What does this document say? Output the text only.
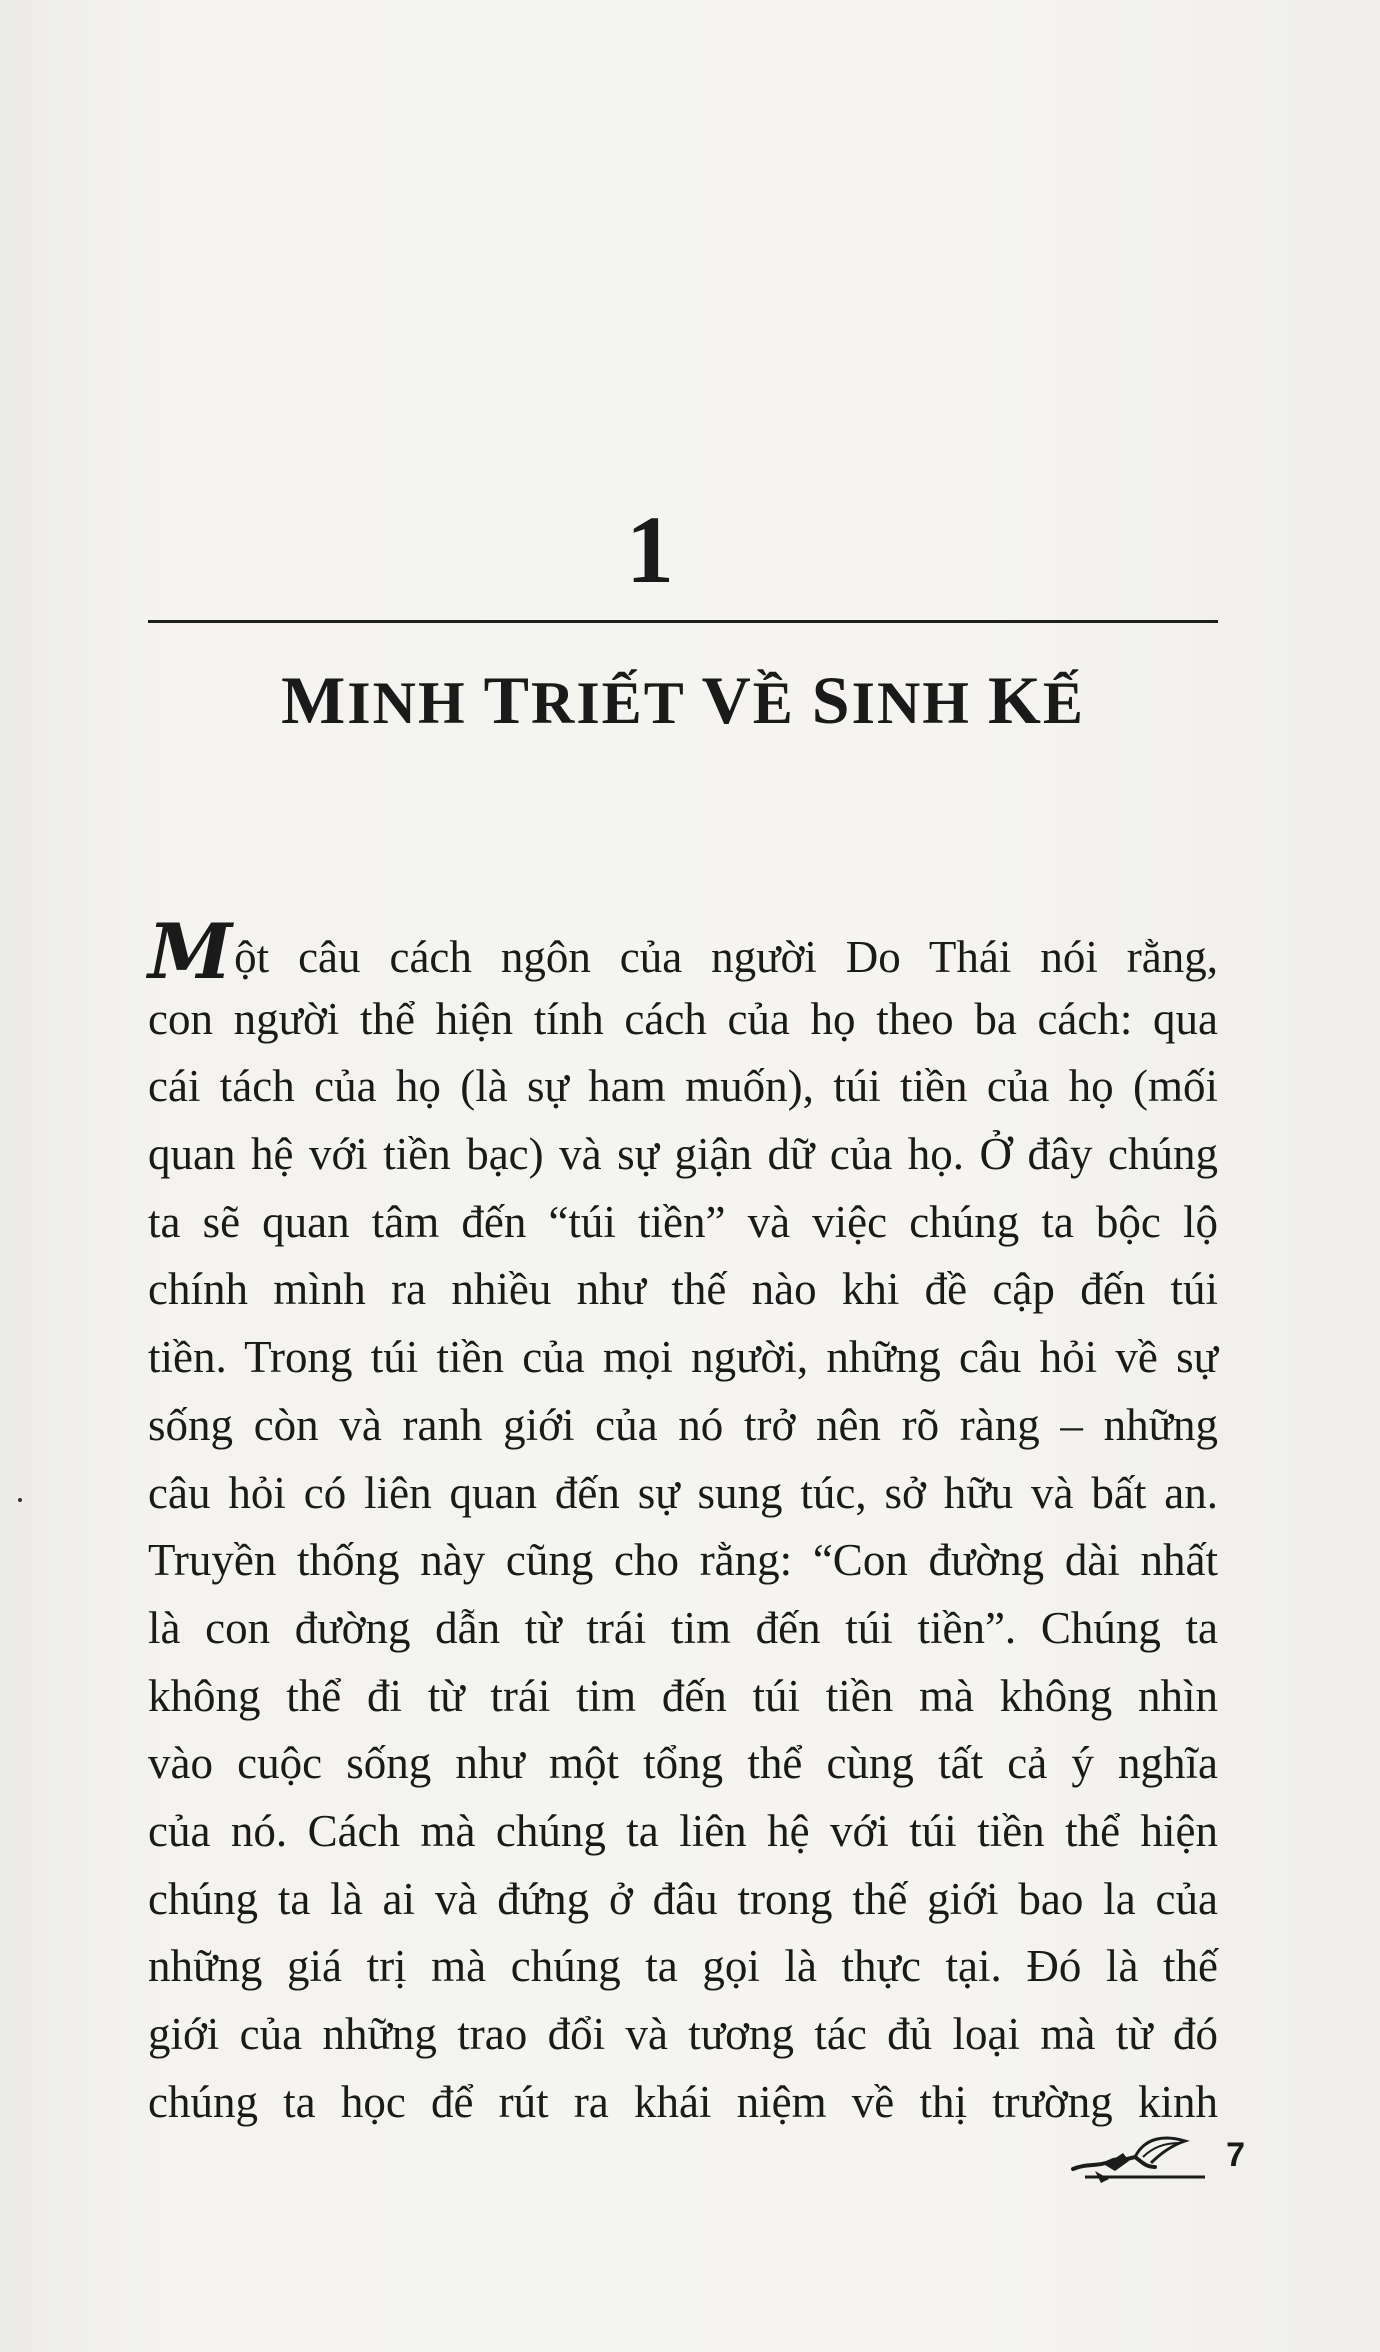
1
MINH TRIẾT VỀ SINH KẾ
Một câu cách ngôn của người Do Thái nói rằng,
con người thể hiện tính cách của họ theo ba cách: qua
cái tách của họ (là sự ham muốn), túi tiền của họ (mối
quan hệ với tiền bạc) và sự giận dữ của họ. Ở đây chúng
ta sẽ quan tâm đến “túi tiền” và việc chúng ta bộc lộ
chính mình ra nhiều như thế nào khi đề cập đến túi
tiền. Trong túi tiền của mọi người, những câu hỏi về sự
sống còn và ranh giới của nó trở nên rõ ràng – những
câu hỏi có liên quan đến sự sung túc, sở hữu và bất an.
Truyền thống này cũng cho rằng: “Con đường dài nhất
là con đường dẫn từ trái tim đến túi tiền”. Chúng ta
không thể đi từ trái tim đến túi tiền mà không nhìn
vào cuộc sống như một tổng thể cùng tất cả ý nghĩa
của nó. Cách mà chúng ta liên hệ với túi tiền thể hiện
chúng ta là ai và đứng ở đâu trong thế giới bao la của
những giá trị mà chúng ta gọi là thực tại. Đó là thế
giới của những trao đổi và tương tác đủ loại mà từ đó
chúng ta học để rút ra khái niệm về thị trường kinh
7
